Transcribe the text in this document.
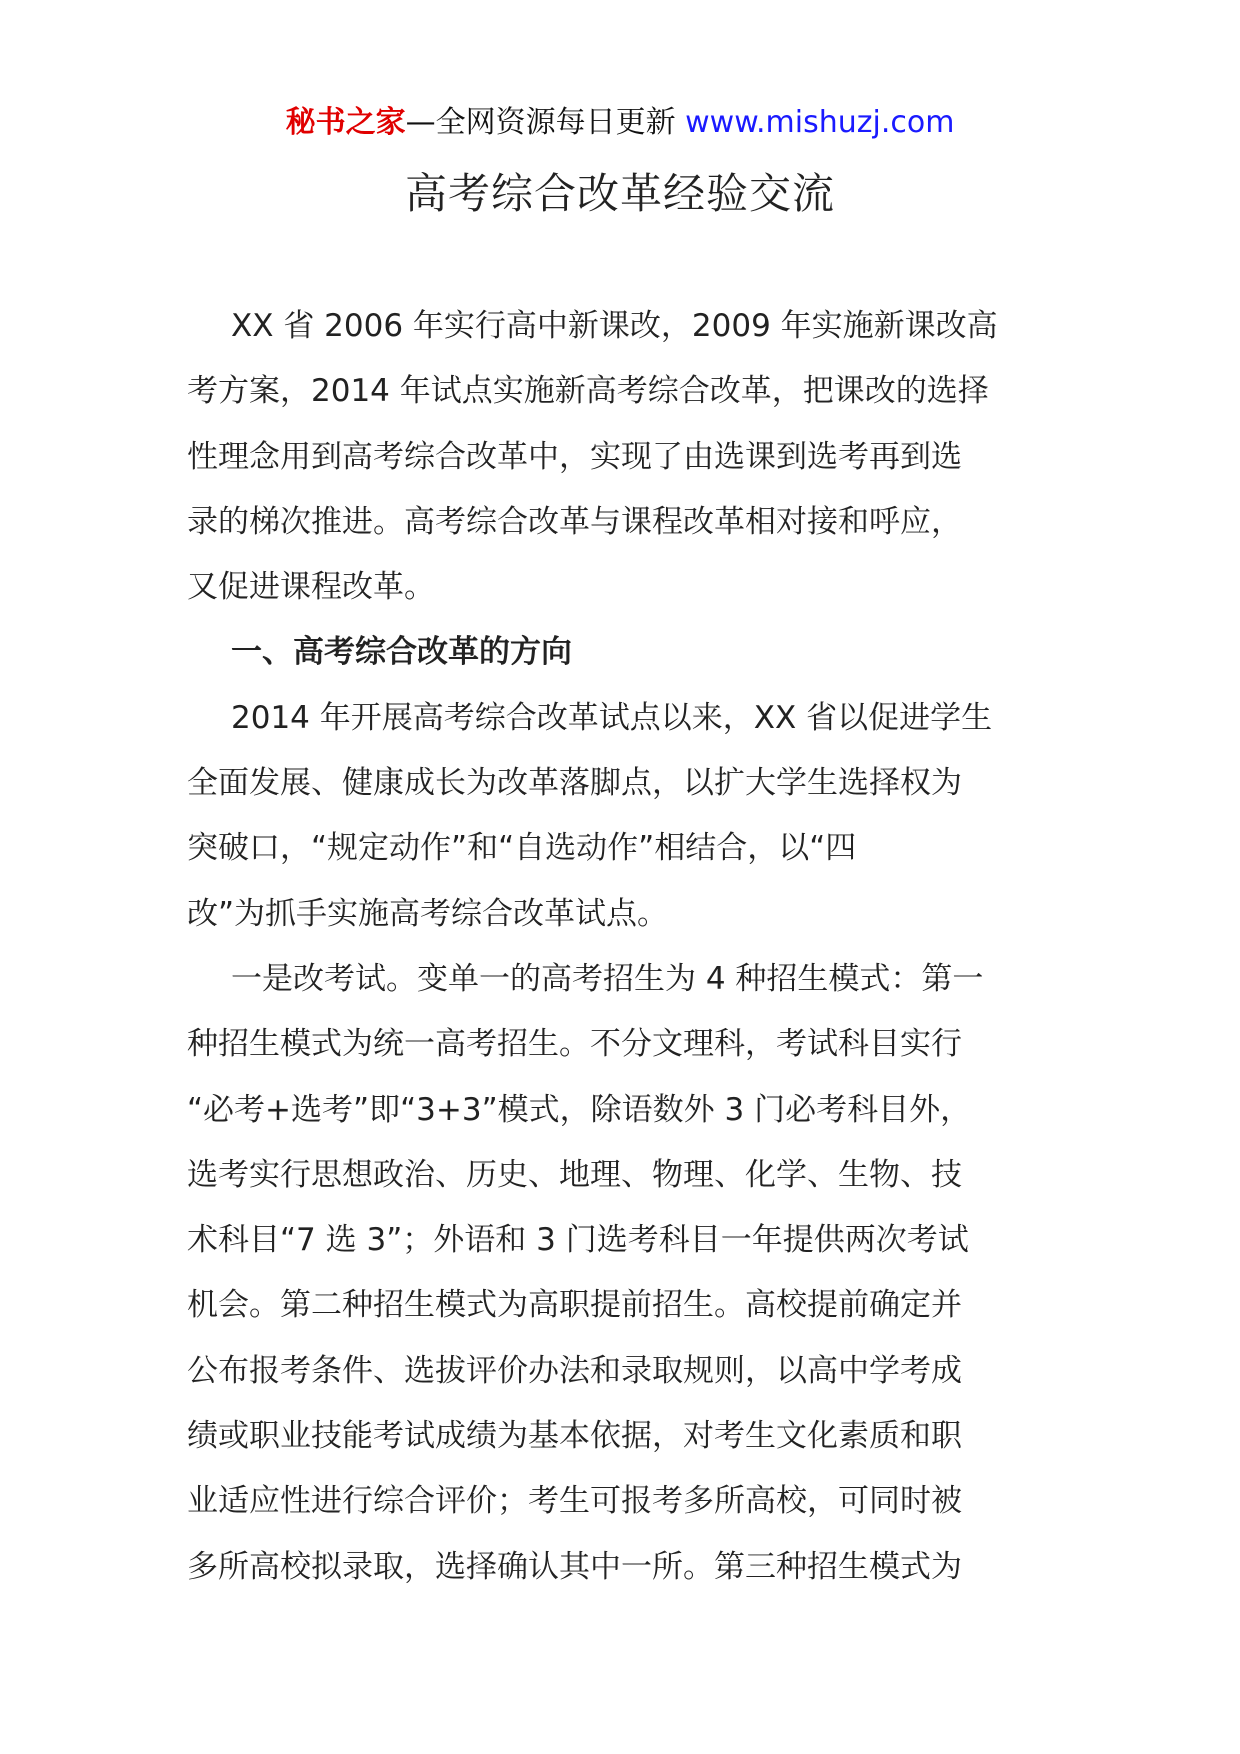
秘书之家—全网资源每日更新 www.mishuzj.com
高考综合改革经验交流
XX 省 2006 年实行高中新课改，2009 年实施新课改高
考方案，2014 年试点实施新高考综合改革，把课改的选择
性理念用到高考综合改革中，实现了由选课到选考再到选
录的梯次推进。高考综合改革与课程改革相对接和呼应，
又促进课程改革。
一、高考综合改革的方向
2014 年开展高考综合改革试点以来，XX 省以促进学生
全面发展、健康成长为改革落脚点，以扩大学生选择权为
突破口，“规定动作”和“自选动作”相结合，以“四
改”为抓手实施高考综合改革试点。
一是改考试。变单一的高考招生为 4 种招生模式：第一
种招生模式为统一高考招生。不分文理科，考试科目实行
“必考+选考”即“3+3”模式，除语数外 3 门必考科目外，
选考实行思想政治、历史、地理、物理、化学、生物、技
术科目“7 选 3”；外语和 3 门选考科目一年提供两次考试
机会。第二种招生模式为高职提前招生。高校提前确定并
公布报考条件、选拔评价办法和录取规则，以高中学考成
绩或职业技能考试成绩为基本依据，对考生文化素质和职
业适应性进行综合评价；考生可报考多所高校，可同时被
多所高校拟录取，选择确认其中一所。第三种招生模式为
